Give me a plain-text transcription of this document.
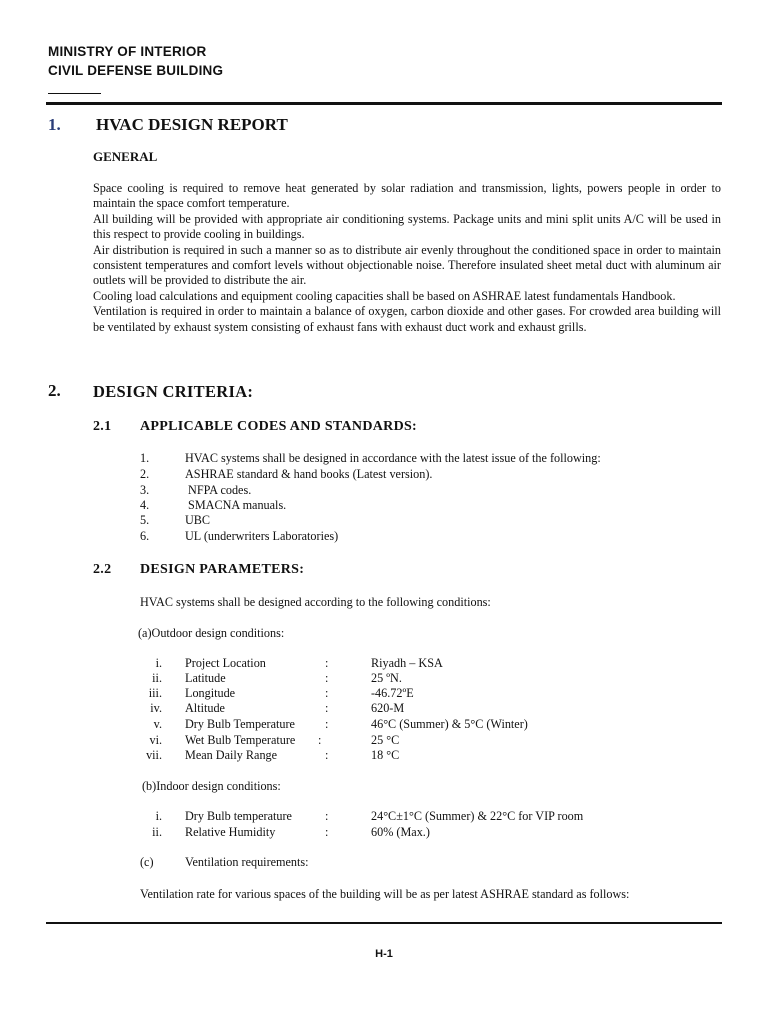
MINISTRY OF INTERIOR
CIVIL DEFENSE BUILDING
1. HVAC DESIGN REPORT
GENERAL

Space cooling is required to remove heat generated by solar radiation and transmission, lights, powers people in order to maintain the space comfort temperature.

All building will be provided with appropriate air conditioning systems. Package units and mini split units A/C will be used in this respect to provide cooling in buildings.

Air distribution is required in such a manner so as to distribute air evenly throughout the conditioned space in order to maintain consistent temperatures and comfort levels without objectionable noise. Therefore insulated sheet metal duct with aluminum air outlets will be provided to distribute the air.

Cooling load calculations and equipment cooling capacities shall be based on ASHRAE latest fundamentals Handbook.

Ventilation is required in order to maintain a balance of oxygen, carbon dioxide and other gases. For crowded area building will be ventilated by exhaust system consisting of exhaust fans with exhaust duct work and exhaust grills.

2. DESIGN CRITERIA:
2.1 APPLICABLE CODES AND STANDARDS:
1.	HVAC systems shall be designed in accordance with the latest issue of the following:
2.	ASHRAE standard & hand books (Latest version).
3.	NFPA codes.
4.	SMACNA manuals.
5.	UBC
6.	UL (underwriters Laboratories)
2.2 DESIGN PARAMETERS:
HVAC systems shall be designed according to the following conditions:
(a)Outdoor design conditions:
i. Project Location	:	Riyadh – KSA
ii. Latitude	:	25 ºN.
iii. Longitude	:	-46.72ºE
iv. Altitude	:	620-M
v. Dry Bulb Temperature :	46°C (Summer) & 5°C (Winter)
vi. Wet Bulb Temperature :	25 °C
vii. Mean Daily Range	:	18 °C
(b)Indoor design conditions:
i. Dry Bulb temperature	:	24°C±1°C (Summer) & 22°C for VIP room
ii. Relative Humidity	:	60% (Max.)
(c)	Ventilation requirements:
Ventilation rate for various spaces of the building will be as per latest ASHRAE standard as follows:
H-1
